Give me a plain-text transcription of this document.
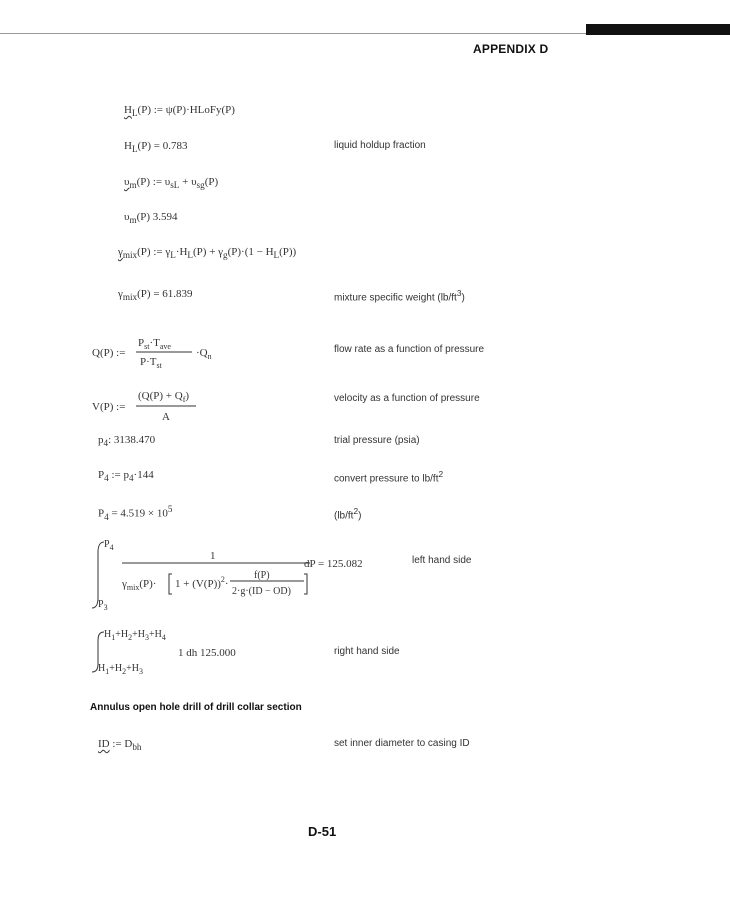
APPENDIX D
$H_L(P)$ := ψ(P)·HLoFy(P)
$H_L(P) = 0.783$	liquid holdup fraction
$\upsilon_m(P)$ := $\upsilon_{sL} + \upsilon_{sg}(P)$
$\upsilon_m(P)$ 3.594
$\gamma_{mix}(P)$ := $\gamma_L\cdot H_L(P) + \gamma_g(P)\cdot(1 - H_L(P))$
$\gamma_{mix}(P) = 61.839$	mixture specific weight $(lb/ft^3)$
Q(P) :=
$P_{st}\cdot T_{ave}$
$P\cdot T_{st}$
$\cdot Q_n$
flow rate as a function of pressure
V(P) :=
$(Q(P) + Q_f)$
A
velocity as a function of pressure
$p_4$: 3138.470	trial pressure (psia)
$P_4$ := $p_4\cdot 144$	convert pressure to $lb/ft^2$
$P_4 = 4.519 \times 10^5$
$(lb/ft^2)$
$P_4$
$P_3$
1
$\gamma_{mix}(P)\cdot 1 + (V(P))^2\cdot$
f(P)
2·g·(ID − OD)
dP = 125.082	left hand side
$H_1+H_2+H_3+H_4$
$H_1+H_2+H_3$
1 dh 125.000	right hand side
Annulus open hole drill of drill collar section
ID := $D_{bh}$	set inner diameter to casing ID
D-51
